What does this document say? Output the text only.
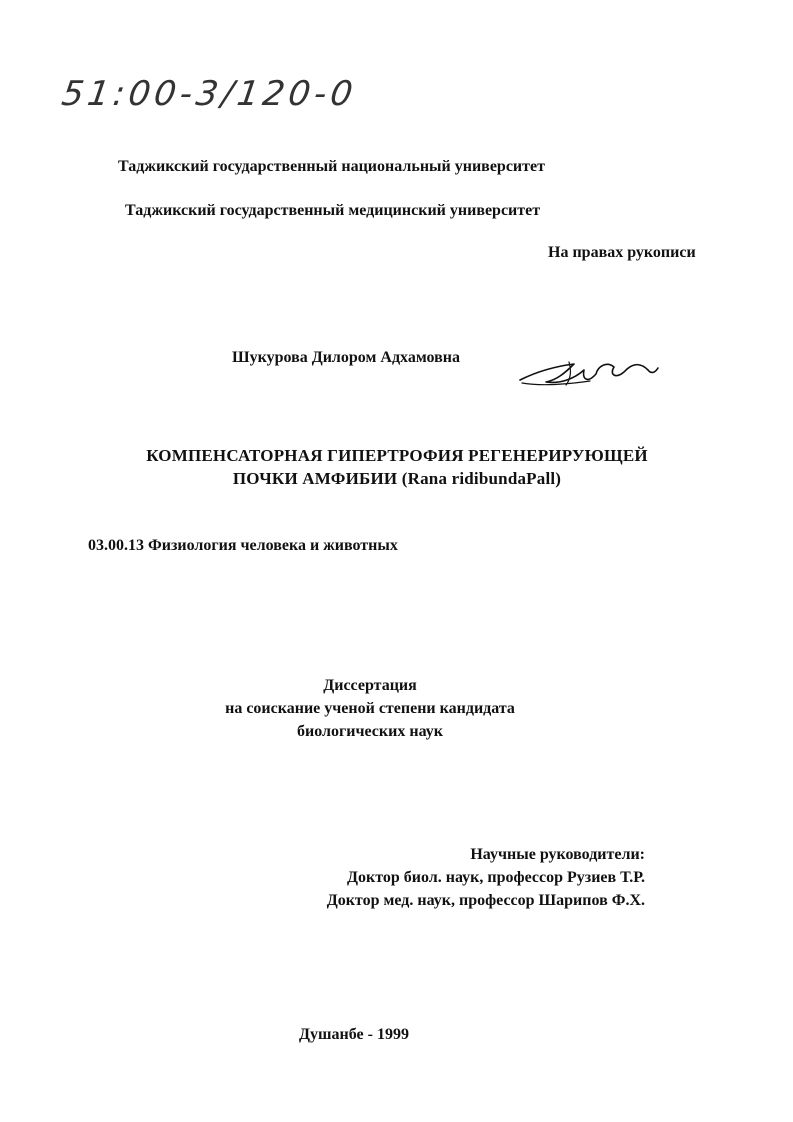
51:00-3/120-0
Таджикский государственный национальный университет
Таджикский государственный медицинский университет
На правах рукописи
Шукурова Дилором Адхамовна
КОМПЕНСАТОРНАЯ ГИПЕРТРОФИЯ РЕГЕНЕРИРУЮЩЕЙ
ПОЧКИ АМФИБИИ (Rana ridibundaPall)
03.00.13 Физиология человека и животных
Диссертация
на соискание ученой степени кандидата
биологических наук
Научные руководители:
Доктор биол. наук, профессор Рузиев Т.Р.
Доктор мед. наук, профессор Шарипов Ф.Х.
Душанбе - 1999
